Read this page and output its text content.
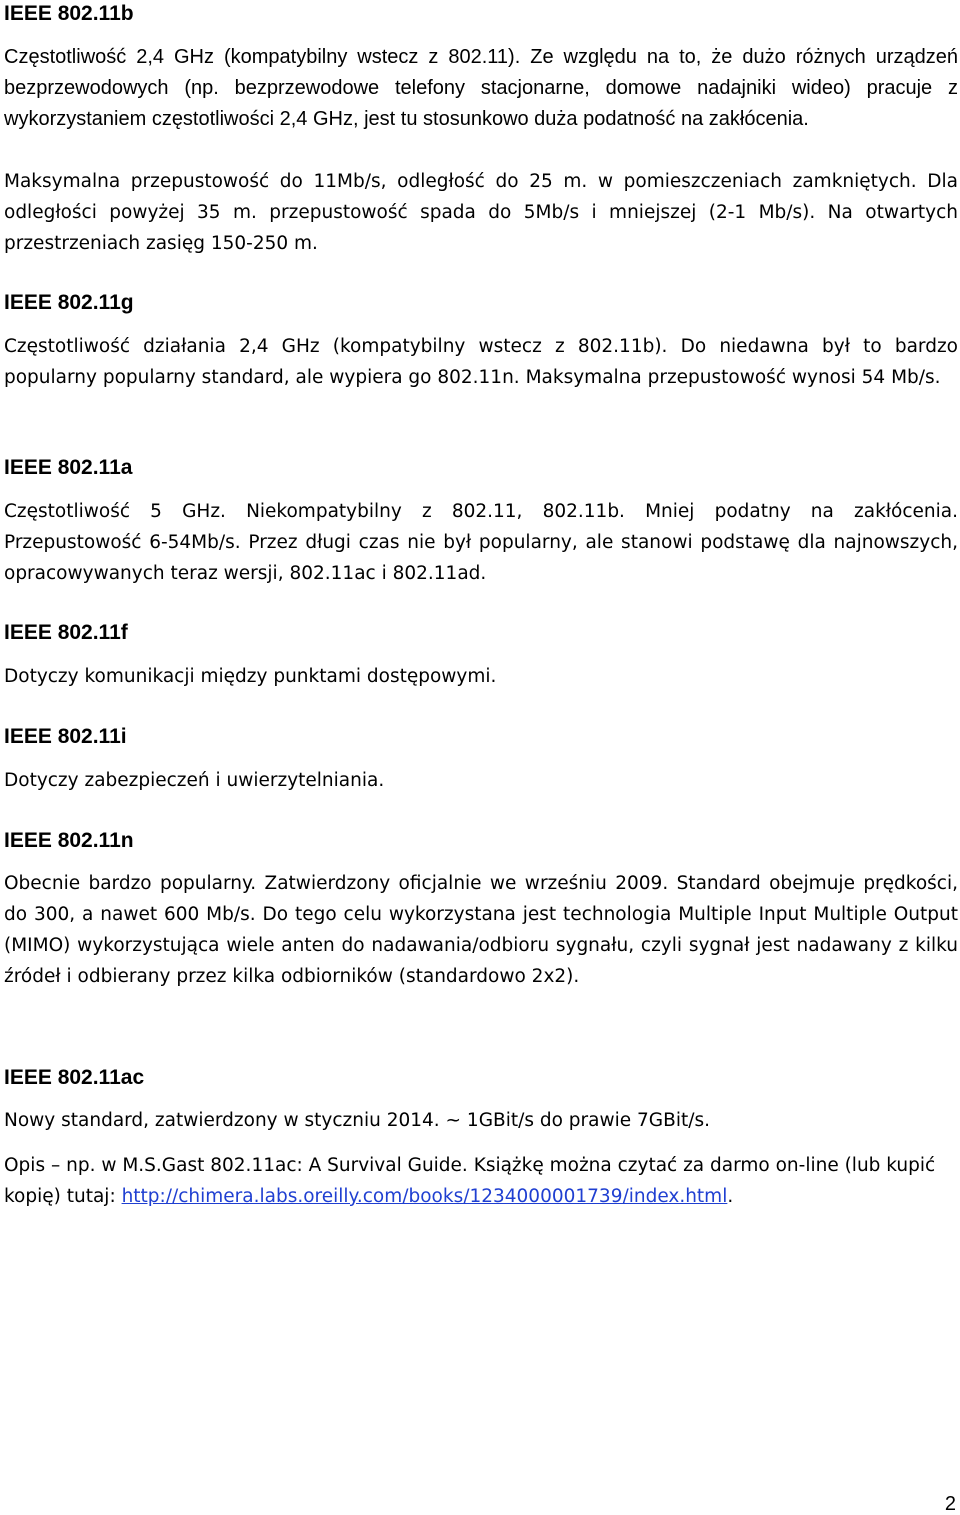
IEEE 802.11b

Częstotliwość 2,4 GHz (kompatybilny wstecz z 802.11). Ze względu na to, że dużo różnych urządzeń bezprzewodowych (np. bezprzewodowe telefony stacjonarne, domowe nadajniki wideo) pracuje z wykorzystaniem częstotliwości 2,4 GHz, jest tu stosunkowo duża podatność na zakłócenia.

Maksymalna przepustowość do 11Mb/s, odległość do 25 m. w pomieszczeniach zamkniętych. Dla odległości powyżej 35 m. przepustowość spada do 5Mb/s i mniejszej (2-1 Mb/s). Na otwartych przestrzeniach zasięg 150-250 m.

IEEE 802.11g

Częstotliwość działania 2,4 GHz (kompatybilny wstecz z 802.11b). Do niedawna był to bardzo popularny popularny standard, ale wypiera go 802.11n. Maksymalna przepustowość wynosi 54 Mb/s.

IEEE 802.11a

Częstotliwość 5 GHz. Niekompatybilny z 802.11, 802.11b. Mniej podatny na zakłócenia. Przepustowość 6-54Mb/s. Przez długi czas nie był popularny, ale stanowi podstawę dla najnowszych, opracowywanych teraz wersji, 802.11ac i 802.11ad.

IEEE 802.11f

Dotyczy komunikacji między punktami dostępowymi.

IEEE 802.11i

Dotyczy zabezpieczeń i uwierzytelniania.

IEEE 802.11n

Obecnie bardzo popularny. Zatwierdzony oficjalnie we wrześniu 2009. Standard obejmuje prędkości, do 300, a nawet 600 Mb/s. Do tego celu wykorzystana jest technologia Multiple Input Multiple Output (MIMO) wykorzystująca wiele anten do nadawania/odbioru sygnału, czyli sygnał jest nadawany z kilku źródeł i odbierany przez kilka odbiorników (standardowo 2x2).

IEEE 802.11ac

Nowy standard, zatwierdzony w styczniu 2014. ~ 1GBit/s do prawie 7GBit/s.

Opis – np. w M.S.Gast 802.11ac: A Survival Guide. Książkę można czytać za darmo on-line (lub kupić kopię) tutaj: http://chimera.labs.oreilly.com/books/1234000001739/index.html.

2
